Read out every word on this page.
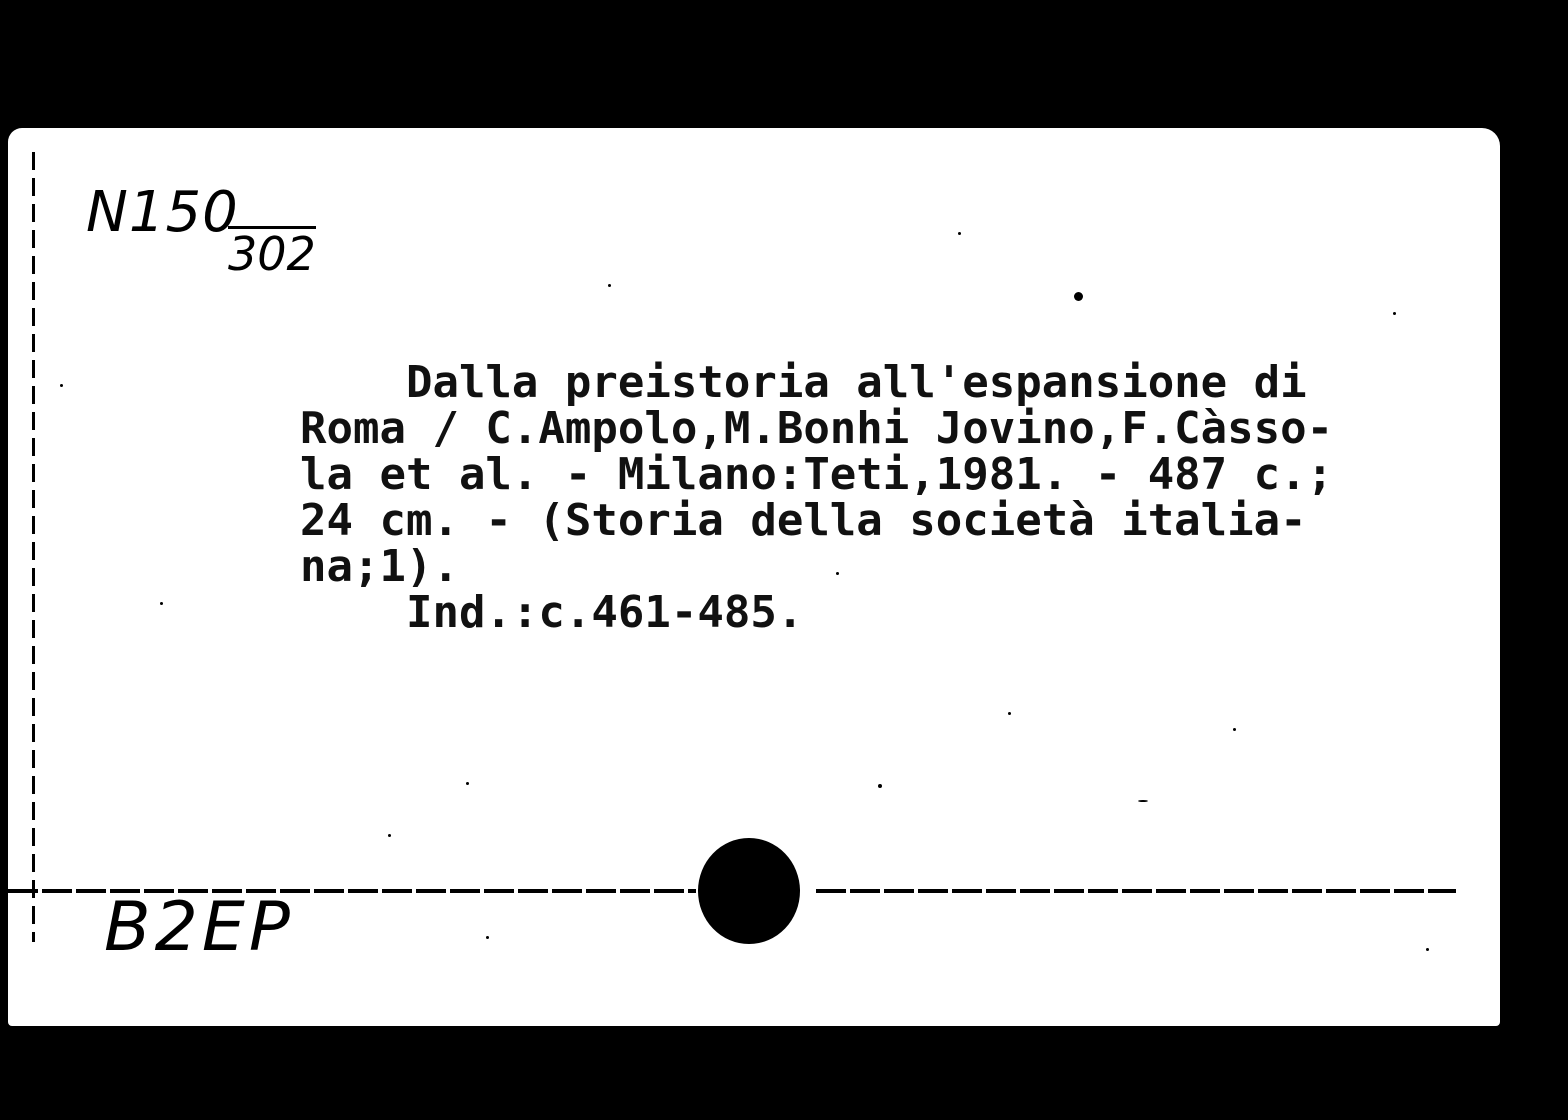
N150
302
Dalla preistoria all'espansione di
Roma / C.Ampolo,M.Bonhi Jovino,F.Càsso-
la et al. - Milano:Teti,1981. - 487 c.;
24 cm. - (Storia della società italia-
na;1).
Ind.:c.461-485.
B2EP
